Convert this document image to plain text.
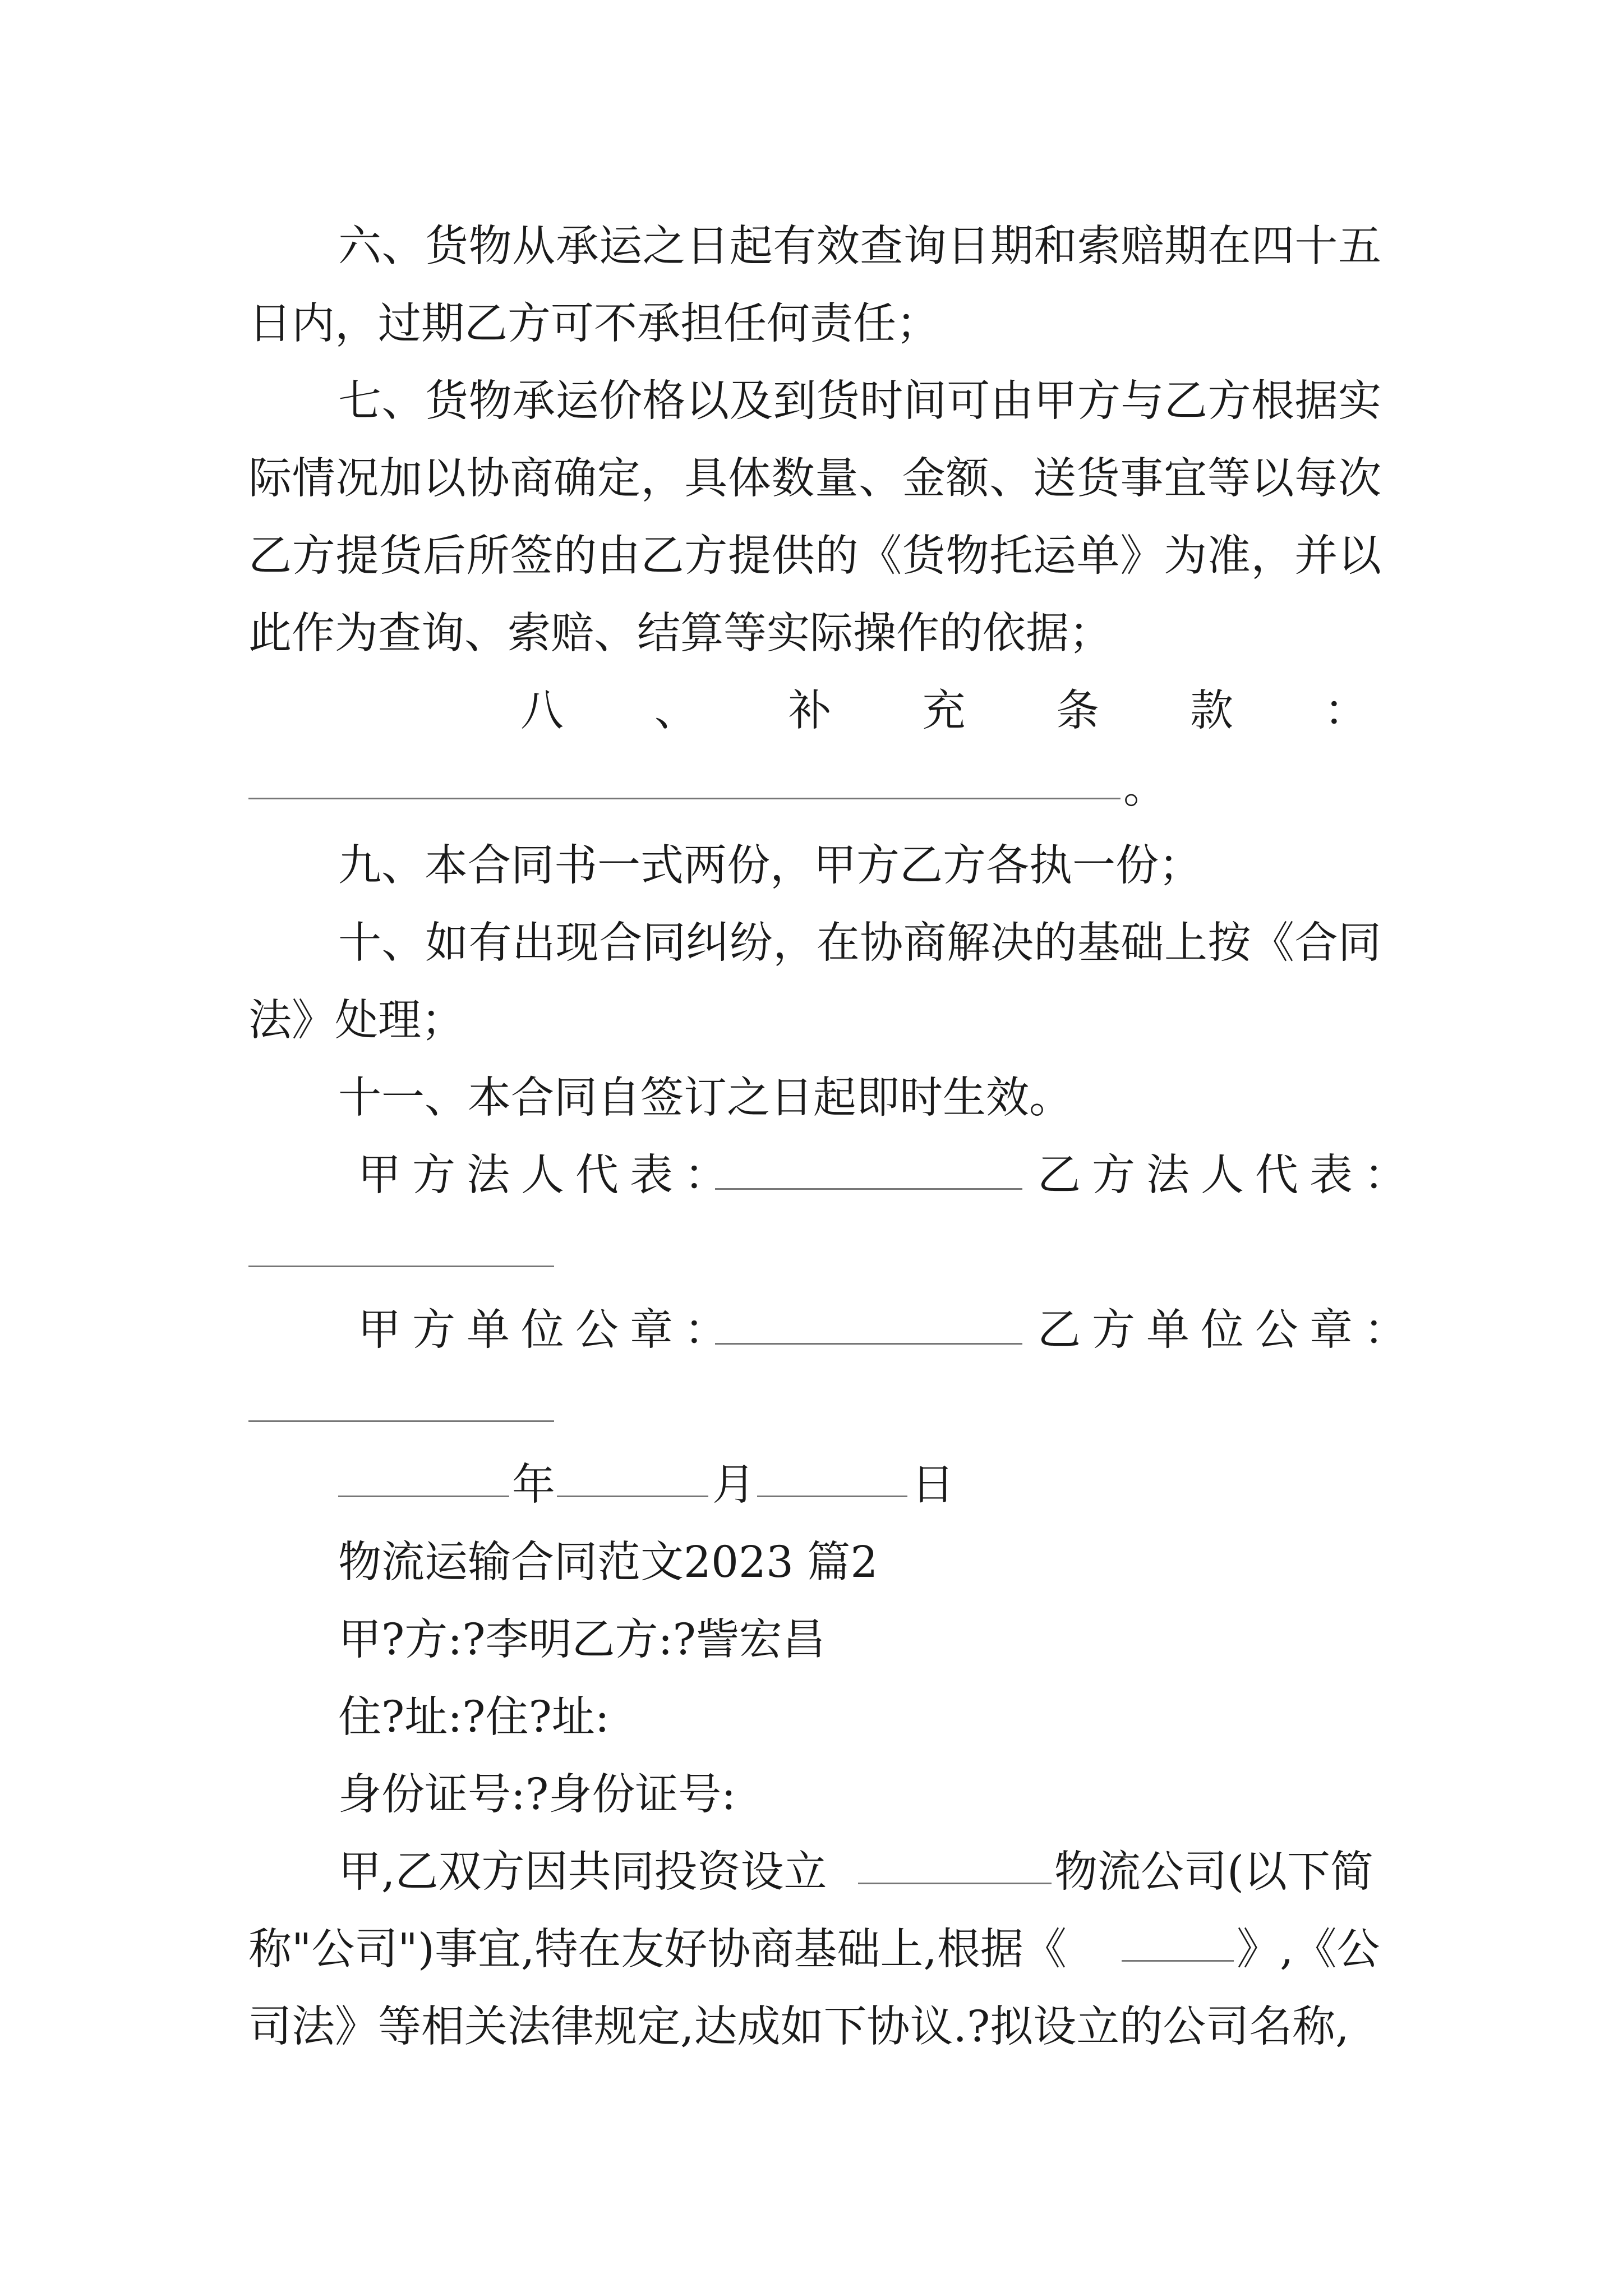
六、货物从承运之日起有效查询日期和索赔期在四十五
日内，过期乙方可不承担任何责任；
七、货物承运价格以及到货时间可由甲方与乙方根据实
际情况加以协商确定，具体数量、金额、送货事宜等以每次
乙方提货后所签的由乙方提供的《货物托运单》为准，并以
此作为查询、索赔、结算等实际操作的依据；
八、补充条款：
。
九、本合同书一式两份，甲方乙方各执一份；
十、如有出现合同纠纷，在协商解决的基础上按《合同
法》处理；
十一、本合同自签订之日起即时生效。
甲方法人代表：	乙方法人代表：
甲方单位公章：	乙方单位公章：
年	月	日
物流运输合同范文2023 篇2
甲?方:?李明乙方:?訾宏昌
住?址:?住?址:
身份证号:?身份证号:
甲,乙双方因共同投资设立	物流公司(以下简
称"公司")事宜,特在友好协商基础上,根据《	》,《公
司法》等相关法律规定,达成如下协议.?拟设立的公司名称,
